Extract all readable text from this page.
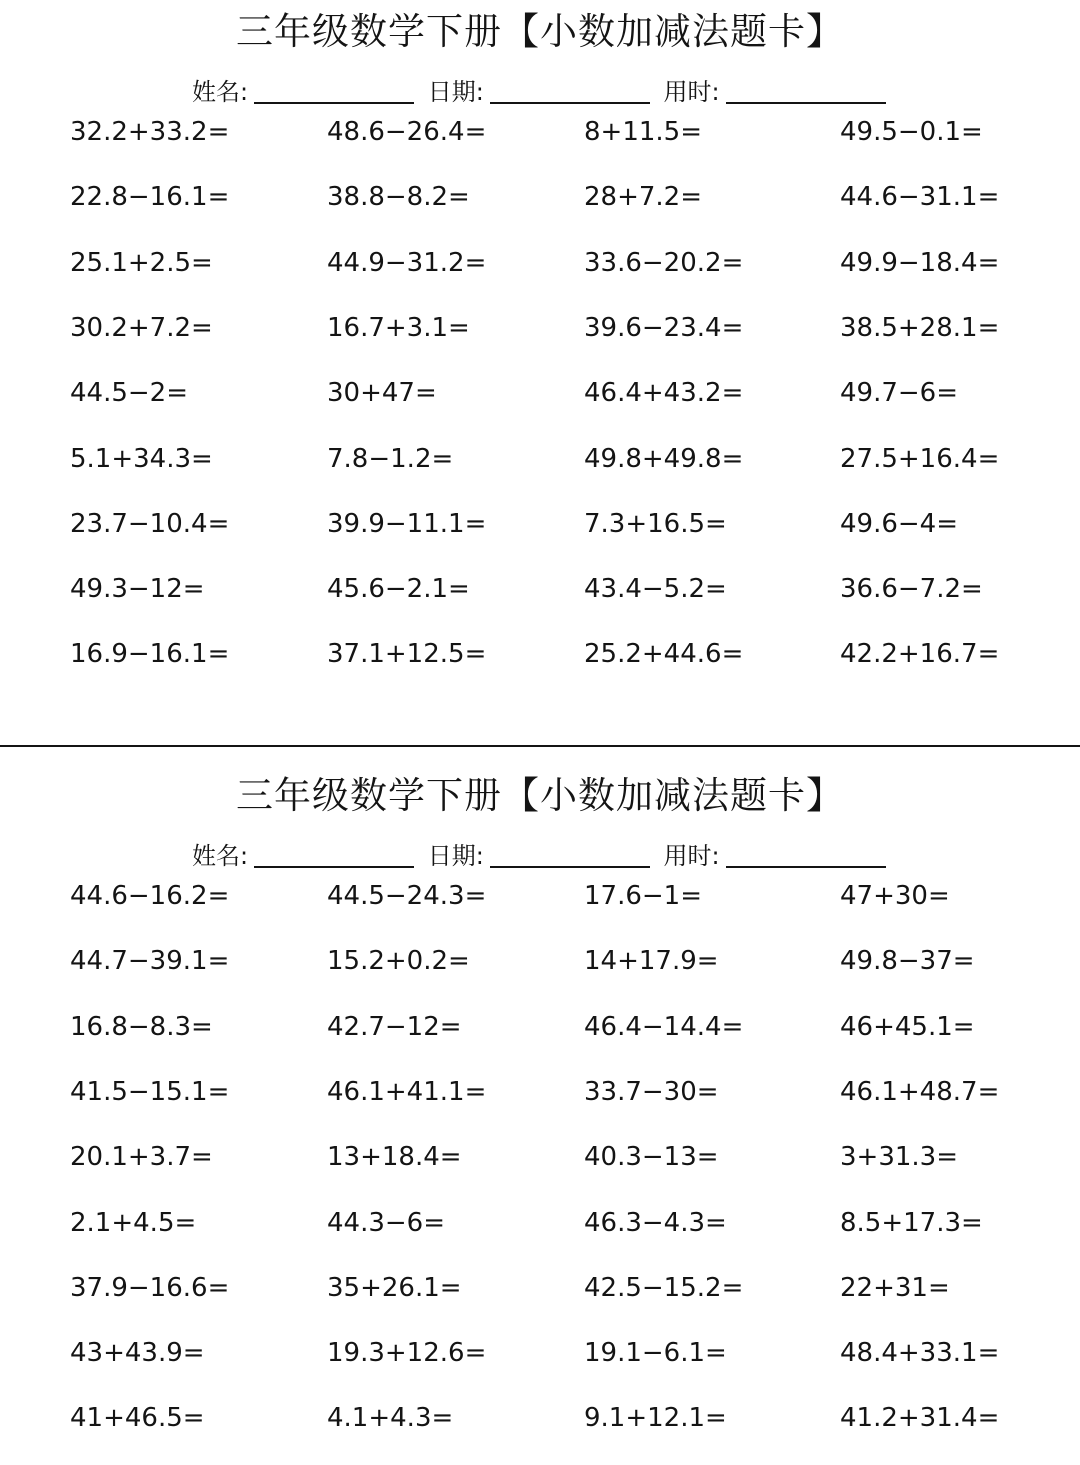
三年级数学下册【小数加减法题卡】
姓名:	日期:	用时:
32.2+33.2=	48.6−26.4=	8+11.5=	49.5−0.1=
22.8−16.1=	38.8−8.2=	28+7.2=	44.6−31.1=
25.1+2.5=	44.9−31.2=	33.6−20.2=	49.9−18.4=
30.2+7.2=	16.7+3.1=	39.6−23.4=	38.5+28.1=
44.5−2=	30+47=	46.4+43.2=	49.7−6=
5.1+34.3=	7.8−1.2=	49.8+49.8=	27.5+16.4=
23.7−10.4=	39.9−11.1=	7.3+16.5=	49.6−4=
49.3−12=	45.6−2.1=	43.4−5.2=	36.6−7.2=
16.9−16.1=	37.1+12.5=	25.2+44.6=	42.2+16.7=
三年级数学下册【小数加减法题卡】
姓名:	日期:	用时:
44.6−16.2=	44.5−24.3=	17.6−1=	47+30=
44.7−39.1=	15.2+0.2=	14+17.9=	49.8−37=
16.8−8.3=	42.7−12=	46.4−14.4=	46+45.1=
41.5−15.1=	46.1+41.1=	33.7−30=	46.1+48.7=
20.1+3.7=	13+18.4=	40.3−13=	3+31.3=
2.1+4.5=	44.3−6=	46.3−4.3=	8.5+17.3=
37.9−16.6=	35+26.1=	42.5−15.2=	22+31=
43+43.9=	19.3+12.6=	19.1−6.1=	48.4+33.1=
41+46.5=	4.1+4.3=	9.1+12.1=	41.2+31.4=
